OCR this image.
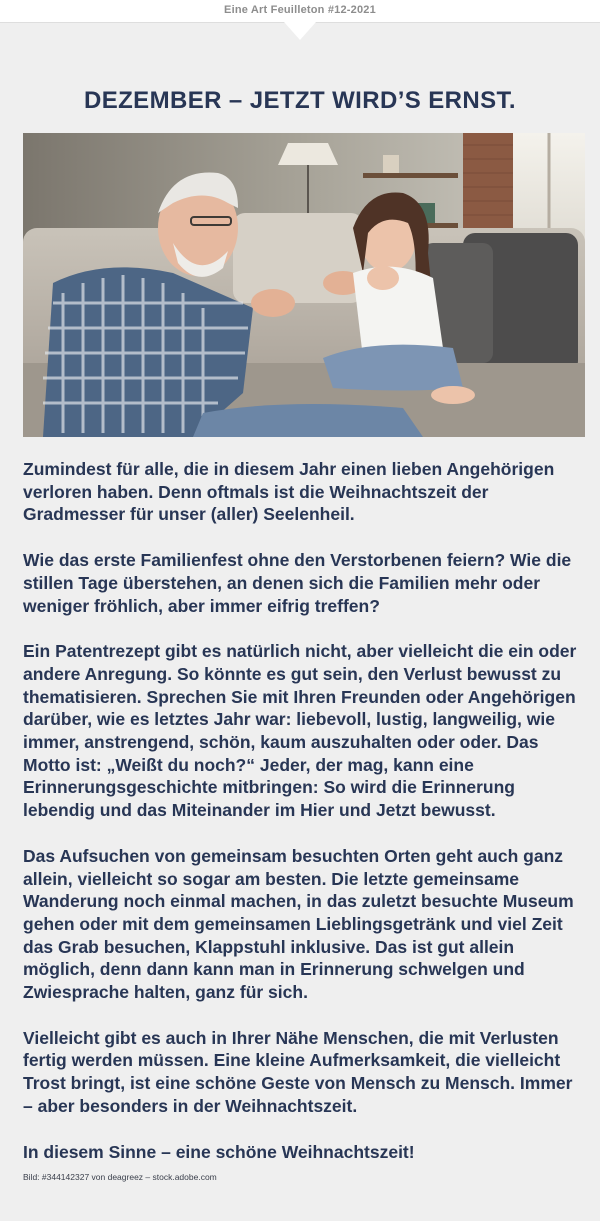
Eine Art Feuilleton #12-2021
DEZEMBER – JETZT WIRD’S ERNST.

Zumindest für alle, die in diesem Jahr einen lieben Angehörigen verloren haben. Denn oftmals ist die Weihnachtszeit der Gradmesser für unser (aller) Seelenheil.

Wie das erste Familienfest ohne den Verstorbenen feiern? Wie die stillen Tage überstehen, an denen sich die Familien mehr oder weniger fröhlich, aber immer eifrig treffen?

Ein Patentrezept gibt es natürlich nicht, aber vielleicht die ein oder andere Anregung. So könnte es gut sein, den Verlust bewusst zu thematisieren. Sprechen Sie mit Ihren Freunden oder Angehörigen darüber, wie es letztes Jahr war: liebevoll, lustig, langweilig, wie immer, anstrengend, schön, kaum auszuhalten oder oder. Das Motto ist: „Weißt du noch?“ Jeder, der mag, kann eine Erinnerungsgeschichte mitbringen: So wird die Erinnerung lebendig und das Miteinander im Hier und Jetzt bewusst.

Das Aufsuchen von gemeinsam besuchten Orten geht auch ganz allein, vielleicht so sogar am besten. Die letzte gemeinsame Wanderung noch einmal machen, in das zuletzt besuchte Museum gehen oder mit dem gemeinsamen Lieblingsgetränk und viel Zeit das Grab besuchen, Klappstuhl inklusive. Das ist gut allein möglich, denn dann kann man in Erinnerung schwelgen und Zwiesprache halten, ganz für sich.

Vielleicht gibt es auch in Ihrer Nähe Menschen, die mit Verlusten fertig werden müssen. Eine kleine Aufmerksamkeit, die vielleicht Trost bringt, ist eine schöne Geste von Mensch zu Mensch. Immer – aber besonders in der Weihnachtszeit.

In diesem Sinne – eine schöne Weihnachtszeit!

Bild: #344142327 von deagreez – stock.adobe.com
